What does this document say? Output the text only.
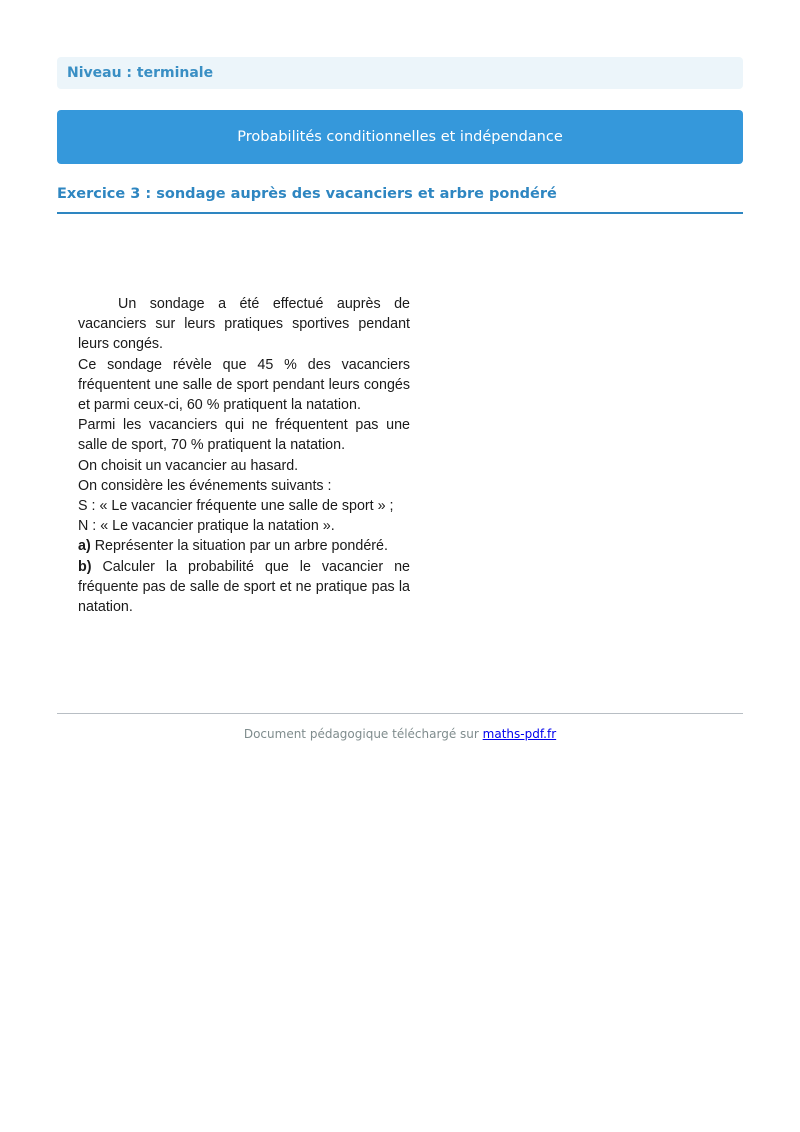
Niveau : terminale
Probabilités conditionnelles et indépendance
Exercice 3 : sondage auprès des vacanciers et arbre pondéré

Un sondage a été effectué auprès de vacanciers sur leurs pratiques sportives pendant leurs congés.

Ce sondage révèle que 45 % des vacanciers fréquentent une salle de sport pendant leurs congés et parmi ceux-ci, 60 % pratiquent la natation.

Parmi les vacanciers qui ne fréquentent pas une salle de sport, 70 % pratiquent la natation.

On choisit un vacancier au hasard.

On considère les événements suivants :

S : « Le vacancier fréquente une salle de sport » ;

N : « Le vacancier pratique la natation ».

a) Représenter la situation par un arbre pondéré.

b) Calculer la probabilité que le vacancier ne fréquente pas de salle de sport et ne pratique pas la natation.

Document pédagogique téléchargé sur maths-pdf.fr
